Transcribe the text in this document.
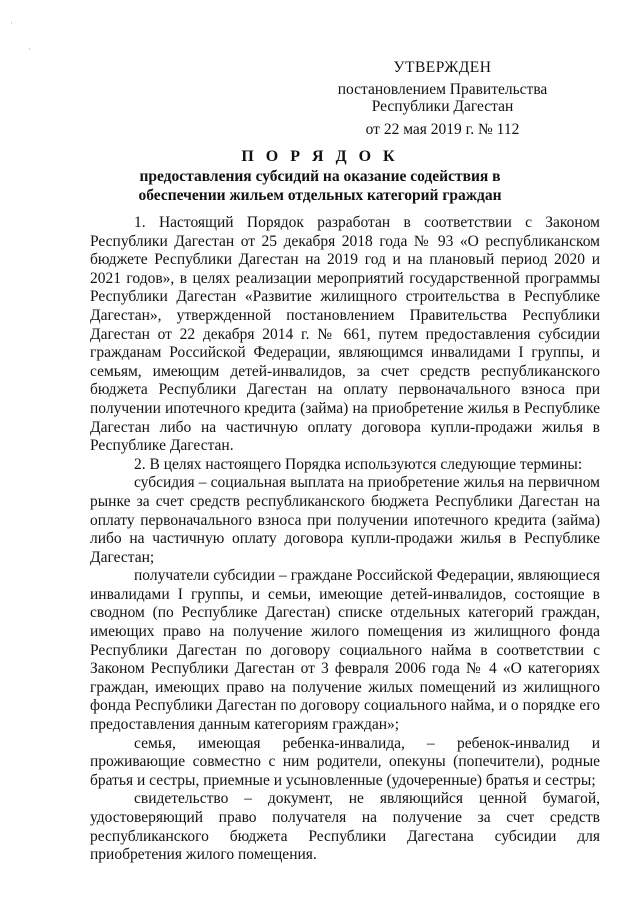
УТВЕРЖДЕН
постановлением Правительства
Республики Дагестан
от 22 мая 2019 г. № 112
П О Р Я Д О К
предоставления субсидий на оказание содействия в обеспечении жильем отдельных категорий граждан

1. Настоящий Порядок разработан в соответствии с Законом Республики Дагестан от 25 декабря 2018 года № 93 «О республиканском бюджете Республики Дагестан на 2019 год и на плановый период 2020 и 2021 годов», в целях реализации мероприятий государственной программы Республики Дагестан «Развитие жилищного строительства в Республике Дагестан», утвержденной постановлением Правительства Республики Дагестан от 22 декабря 2014 г. № 661, путем предоставления субсидии гражданам Российской Федерации, являющимся инвалидами I группы, и семьям, имеющим детей-инвалидов, за счет средств республиканского бюджета Республики Дагестан на оплату первоначального взноса при получении ипотечного кредита (займа) на приобретение жилья в Республике Дагестан либо на частичную оплату договора купли-продажи жилья в Республике Дагестан.

2. В целях настоящего Порядка используются следующие термины:

субсидия – социальная выплата на приобретение жилья на первичном рынке за счет средств республиканского бюджета Республики Дагестан на оплату первоначального взноса при получении ипотечного кредита (займа) либо на частичную оплату договора купли-продажи жилья в Республике Дагестан;

получатели субсидии – граждане Российской Федерации, являющиеся инвалидами I группы, и семьи, имеющие детей-инвалидов, состоящие в сводном (по Республике Дагестан) списке отдельных категорий граждан, имеющих право на получение жилого помещения из жилищного фонда Республики Дагестан по договору социального найма в соответствии с Законом Республики Дагестан от 3 февраля 2006 года № 4 «О категориях граждан, имеющих право на получение жилых помещений из жилищного фонда Республики Дагестан по договору социального найма, и о порядке его предоставления данным категориям граждан»;

семья, имеющая ребенка-инвалида, – ребенок-инвалид и проживающие совместно с ним родители, опекуны (попечители), родные братья и сестры, приемные и усыновленные (удочеренные) братья и сестры;

свидетельство – документ, не являющийся ценной бумагой, удостоверяющий право получателя на получение за счет средств республиканского бюджета Республики Дагестана субсидии для приобретения жилого помещения.

·
·
